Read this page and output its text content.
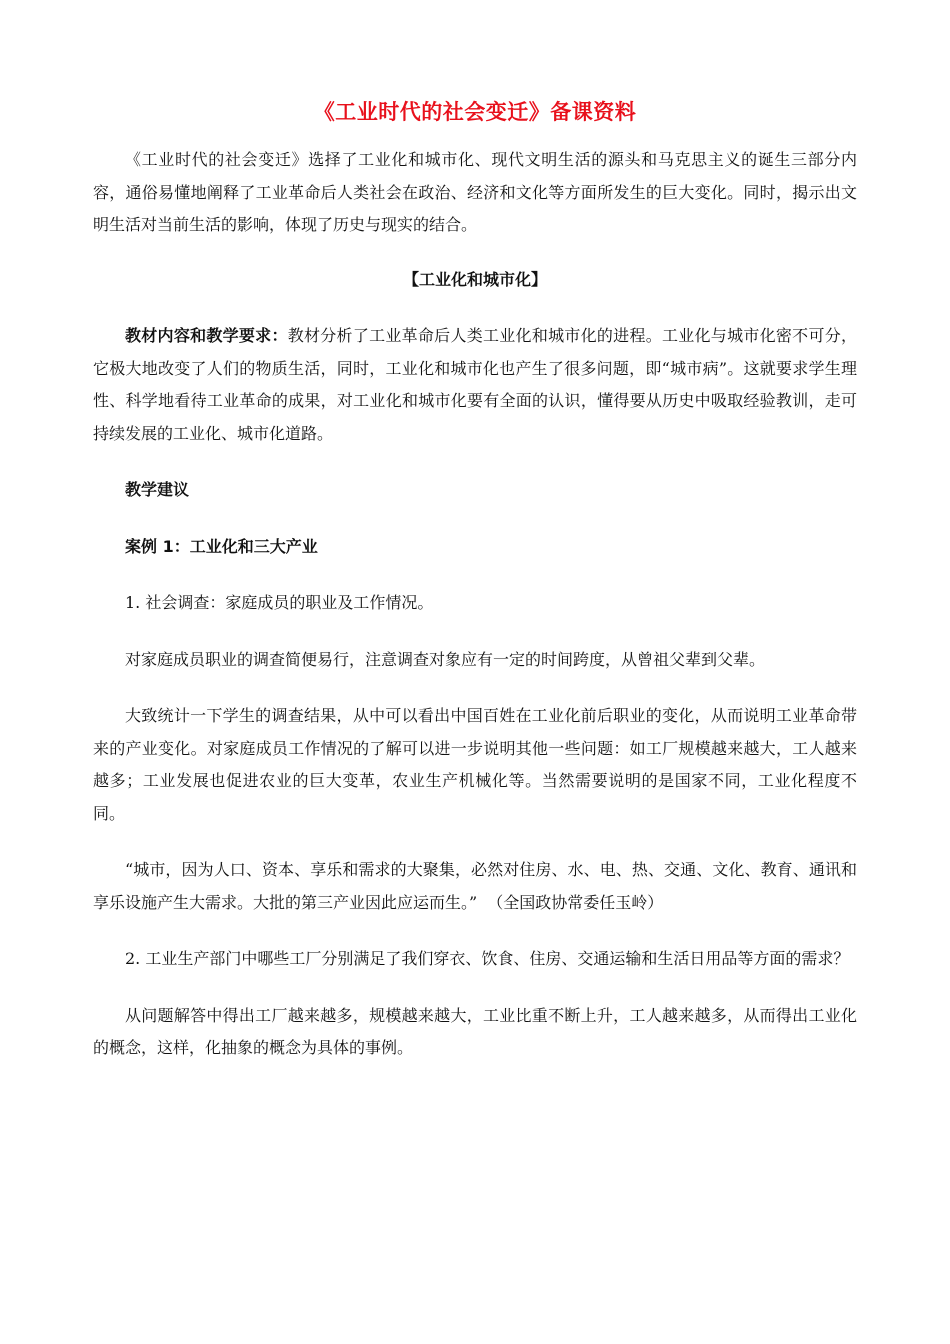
《工业时代的社会变迁》备课资料

《工业时代的社会变迁》选择了工业化和城市化、现代文明生活的源头和马克思主义的诞生三部分内容，通俗易懂地阐释了工业革命后人类社会在政治、经济和文化等方面所发生的巨大变化。同时，揭示出文明生活对当前生活的影响，体现了历史与现实的结合。

【工业化和城市化】

教材内容和教学要求：教材分析了工业革命后人类工业化和城市化的进程。工业化与城市化密不可分，它极大地改变了人们的物质生活，同时，工业化和城市化也产生了很多问题，即“城市病”。这就要求学生理性、科学地看待工业革命的成果，对工业化和城市化要有全面的认识，懂得要从历史中吸取经验教训，走可持续发展的工业化、城市化道路。

教学建议

案例 1：工业化和三大产业

1. 社会调查：家庭成员的职业及工作情况。

对家庭成员职业的调查简便易行，注意调查对象应有一定的时间跨度，从曾祖父辈到父辈。

大致统计一下学生的调查结果，从中可以看出中国百姓在工业化前后职业的变化，从而说明工业革命带来的产业变化。对家庭成员工作情况的了解可以进一步说明其他一些问题：如工厂规模越来越大，工人越来越多；工业发展也促进农业的巨大变革，农业生产机械化等。当然需要说明的是国家不同，工业化程度不同。

“城市，因为人口、资本、享乐和需求的大聚集，必然对住房、水、电、热、交通、文化、教育、通讯和享乐设施产生大需求。大批的第三产业因此应运而生。” （全国政协常委任玉岭）

2. 工业生产部门中哪些工厂分别满足了我们穿衣、饮食、住房、交通运输和生活日用品等方面的需求？

从问题解答中得出工厂越来越多，规模越来越大，工业比重不断上升，工人越来越多，从而得出工业化的概念，这样，化抽象的概念为具体的事例。
